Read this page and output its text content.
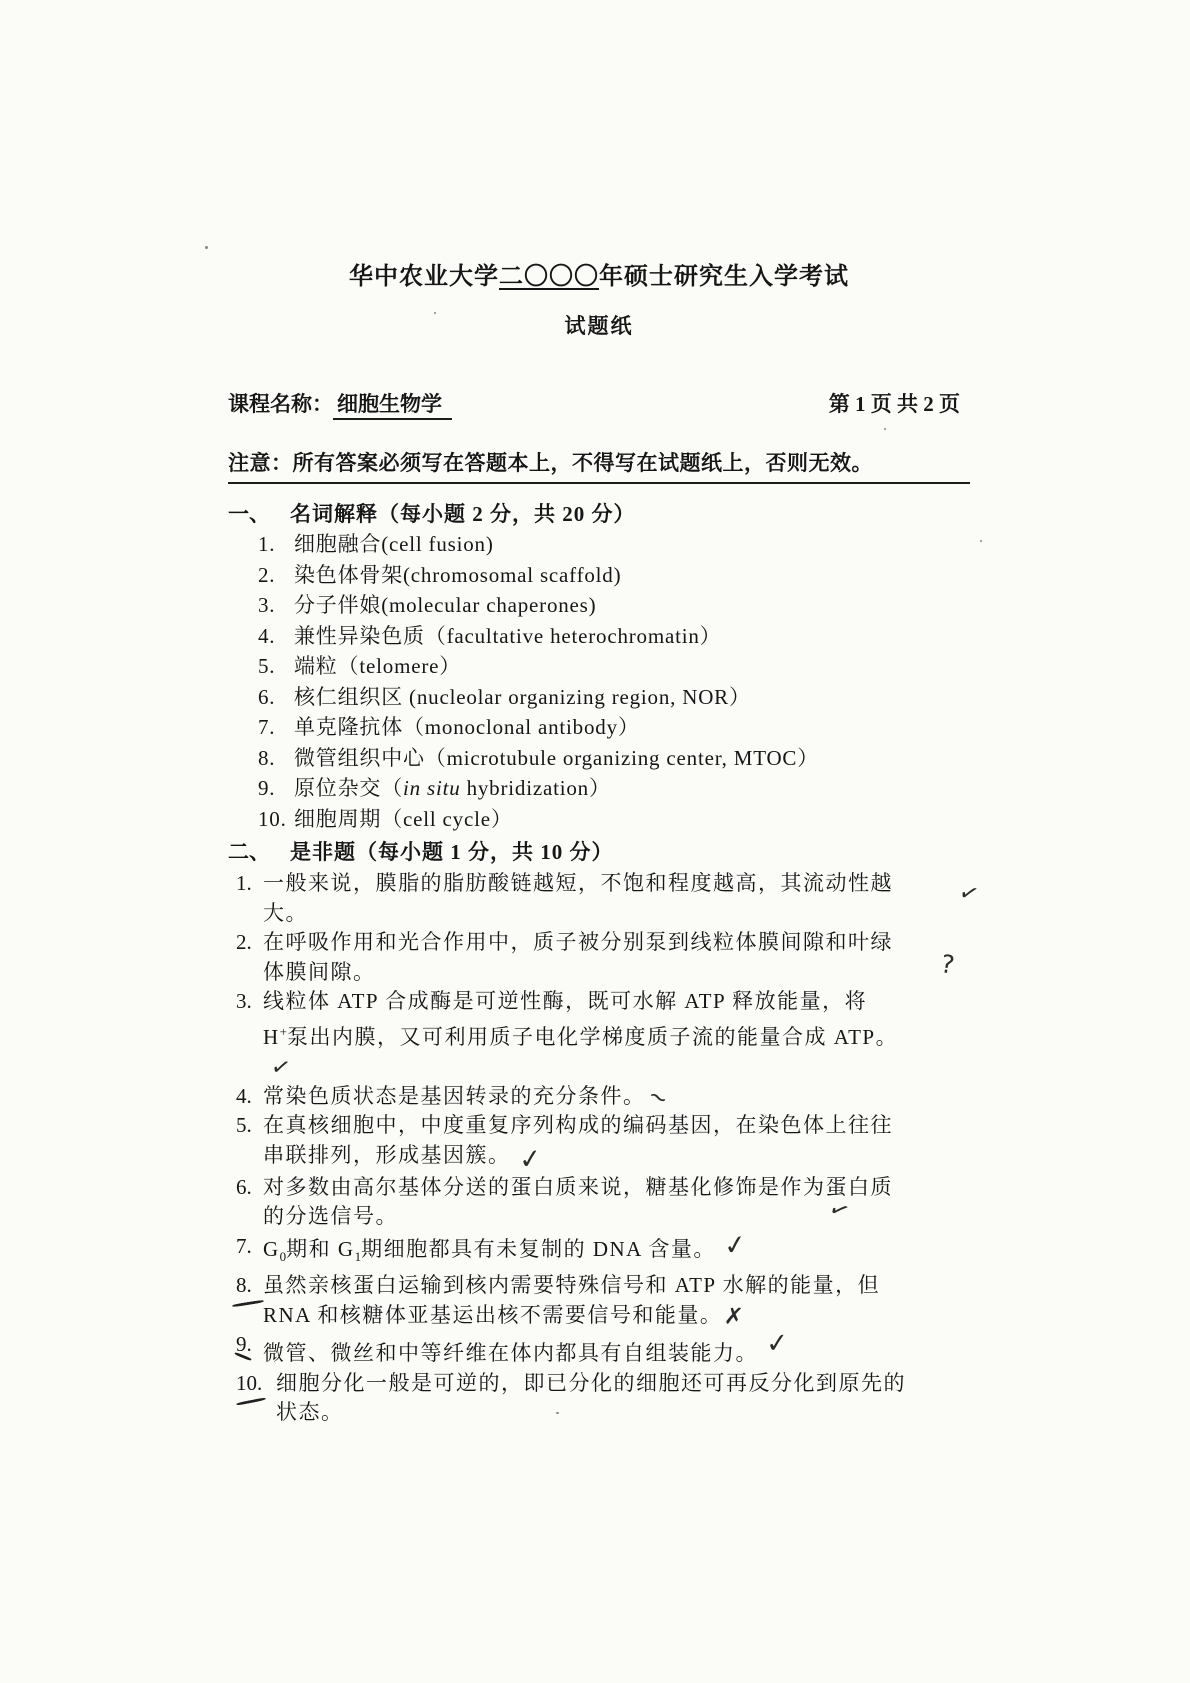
华中农业大学二〇〇〇年硕士研究生入学考试
试题纸
课程名称： 细胞生物学	第 1 页 共 2 页
注意：所有答案必须写在答题本上，不得写在试题纸上，否则无效。
一、 名词解释（每小题 2 分，共 20 分）
1. 细胞融合(cell fusion)
2. 染色体骨架(chromosomal scaffold)
3. 分子伴娘(molecular chaperones)
4. 兼性异染色质（facultative heterochromatin）
5. 端粒（telomere）
6. 核仁组织区 (nucleolar organizing region, NOR）
7. 单克隆抗体（monoclonal antibody）
8. 微管组织中心（microtubule organizing center, MTOC）
9. 原位杂交（in situ hybridization）
10. 细胞周期（cell cycle）
二、 是非题（每小题 1 分，共 10 分）
1. 一般来说，膜脂的脂肪酸链越短，不饱和程度越高，其流动性越大。
✓
2. 在呼吸作用和光合作用中，质子被分别泵到线粒体膜间隙和叶绿体膜间隙。	?
3. 线粒体 ATP 合成酶是可逆性酶，既可水解 ATP 释放能量，将 H+泵出内膜，又可利用质子电化学梯度质子流的能量合成 ATP。✓
4. 常染色质状态是基因转录的充分条件。~
5. 在真核细胞中，中度重复序列构成的编码基因，在染色体上往往串联排列，形成基因簇。 ✓
6. 对多数由高尔基体分送的蛋白质来说，糖基化修饰是作为蛋白质的分选信号。	✓
7. $G_0$期和 $G_1$期细胞都具有未复制的 DNA 含量。 ✓
8. 虽然亲核蛋白运输到核内需要特殊信号和 ATP 水解的能量，但 RNA 和核糖体亚基运出核不需要信号和能量。✗
9. 微管、微丝和中等纤维在体内都具有自组装能力。 ✓
10. 细胞分化一般是可逆的，即已分化的细胞还可再反分化到原先的状态。
